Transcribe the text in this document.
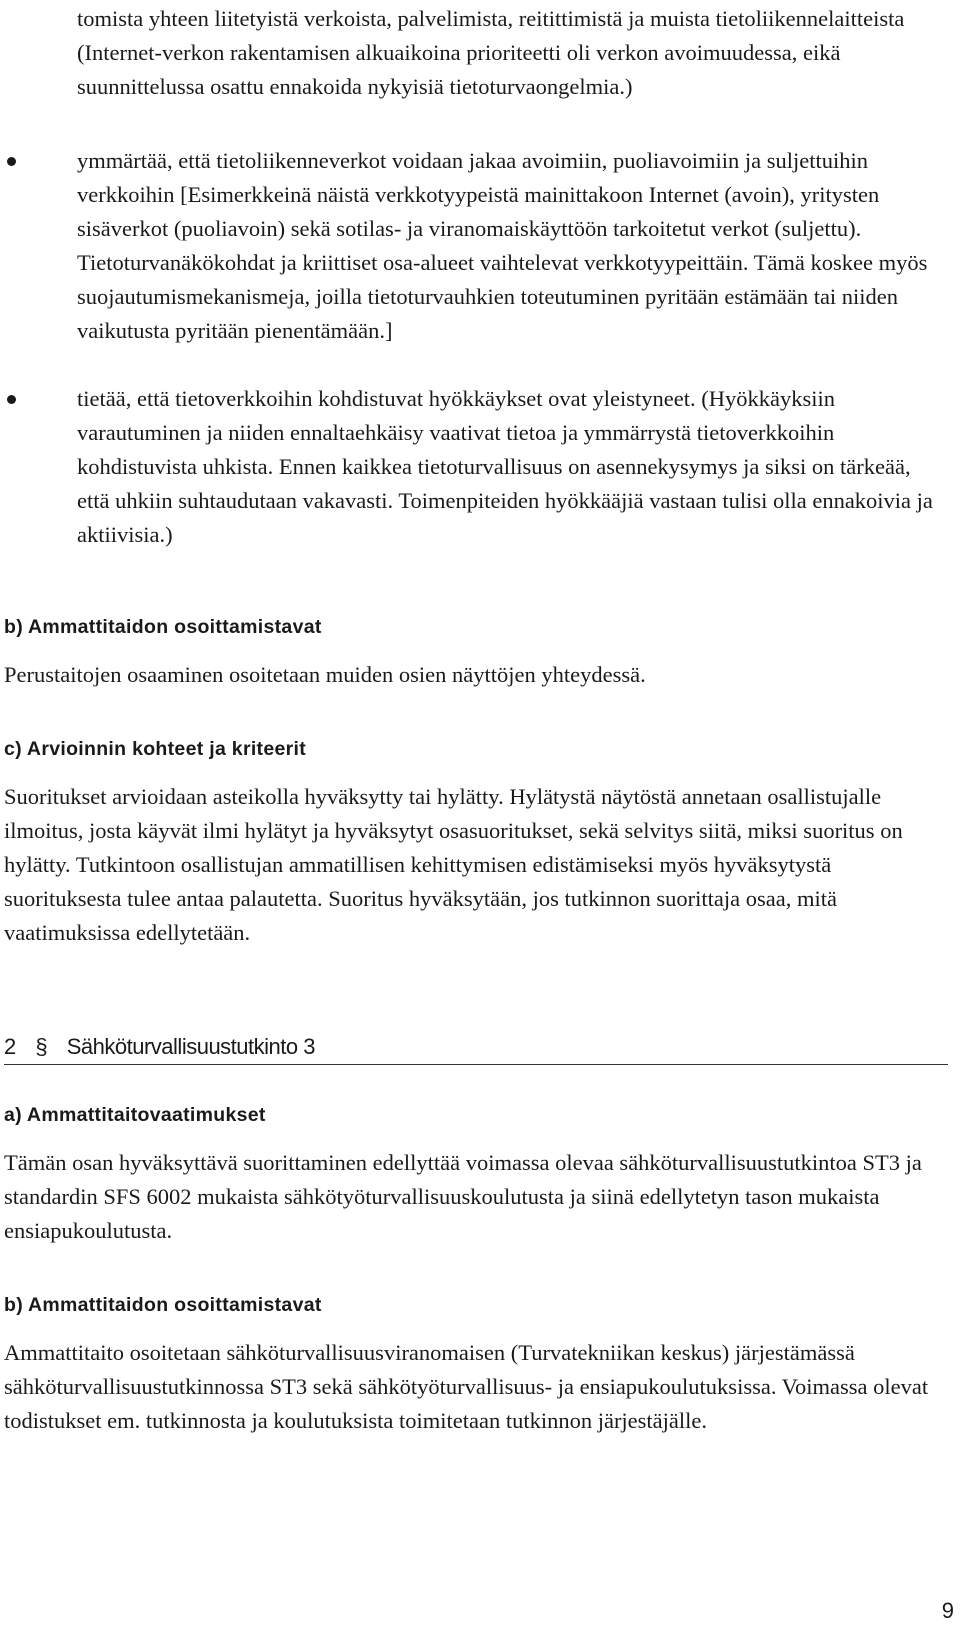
tomista yhteen liitetyistä verkoista, palvelimista, reitittimistä ja muista tietoliikennelaitteista (Internet-verkon rakentamisen alkuaikoina prioriteetti oli verkon avoimuudessa, eikä suunnittelussa osattu ennakoida nykyisiä tietoturvaongelmia.)

ymmärtää, että tietoliikenneverkot voidaan jakaa avoimiin, puoliavoimiin ja suljettuihin verkkoihin [Esimerkkeinä näistä verkkotyypeistä mainittakoon Internet (avoin), yritysten sisäverkot (puoliavoin) sekä sotilas- ja viranomaiskäyttöön tarkoitetut verkot (suljettu). Tietoturvanäkökohdat ja kriittiset osa-alueet vaihtelevat verkkotyypeittäin. Tämä koskee myös suojautumismekanismeja, joilla tietoturvauhkien toteutuminen pyritään estämään tai niiden vaikutusta pyritään pienentämään.]

tietää, että tietoverkkoihin kohdistuvat hyökkäykset ovat yleistyneet. (Hyökkäyksiin varautuminen ja niiden ennaltaehkäisy vaativat tietoa ja ymmärrystä tietoverkkoihin kohdistuvista uhkista. Ennen kaikkea tietoturvallisuus on asennekysymys ja siksi on tärkeää, että uhkiin suhtaudutaan vakavasti. Toimenpiteiden hyökkääjiä vastaan tulisi olla ennakoivia ja aktiivisia.)

b) Ammattitaidon osoittamistavat

Perustaitojen osaaminen osoitetaan muiden osien näyttöjen yhteydessä.

c) Arvioinnin kohteet ja kriteerit

Suoritukset arvioidaan asteikolla hyväksytty tai hylätty. Hylätystä näytöstä annetaan osallistujalle ilmoitus, josta käyvät ilmi hylätyt ja hyväksytyt osasuoritukset, sekä selvitys siitä, miksi suoritus on hylätty. Tutkintoon osallistujan ammatillisen kehittymisen edistämiseksi myös hyväksytystä suorituksesta tulee antaa palautetta. Suoritus hyväksytään, jos tutkinnon suorittaja osaa, mitä vaatimuksissa edellytetään.

2 § Sähköturvallisuustutkinto 3
a) Ammattitaitovaatimukset

Tämän osan hyväksyttävä suorittaminen edellyttää voimassa olevaa sähköturvallisuustutkintoa ST3 ja standardin SFS 6002 mukaista sähkötyöturvallisuuskoulutusta ja siinä edellytetyn tason mukaista ensiapukoulutusta.

b) Ammattitaidon osoittamistavat

Ammattitaito osoitetaan sähköturvallisuusviranomaisen (Turvatekniikan keskus) järjestämässä sähköturvallisuustutkinnossa ST3 sekä sähkötyöturvallisuus- ja ensiapukoulutuksissa. Voimassa olevat todistukset em. tutkinnosta ja koulutuksista toimitetaan tutkinnon järjestäjälle.

9
